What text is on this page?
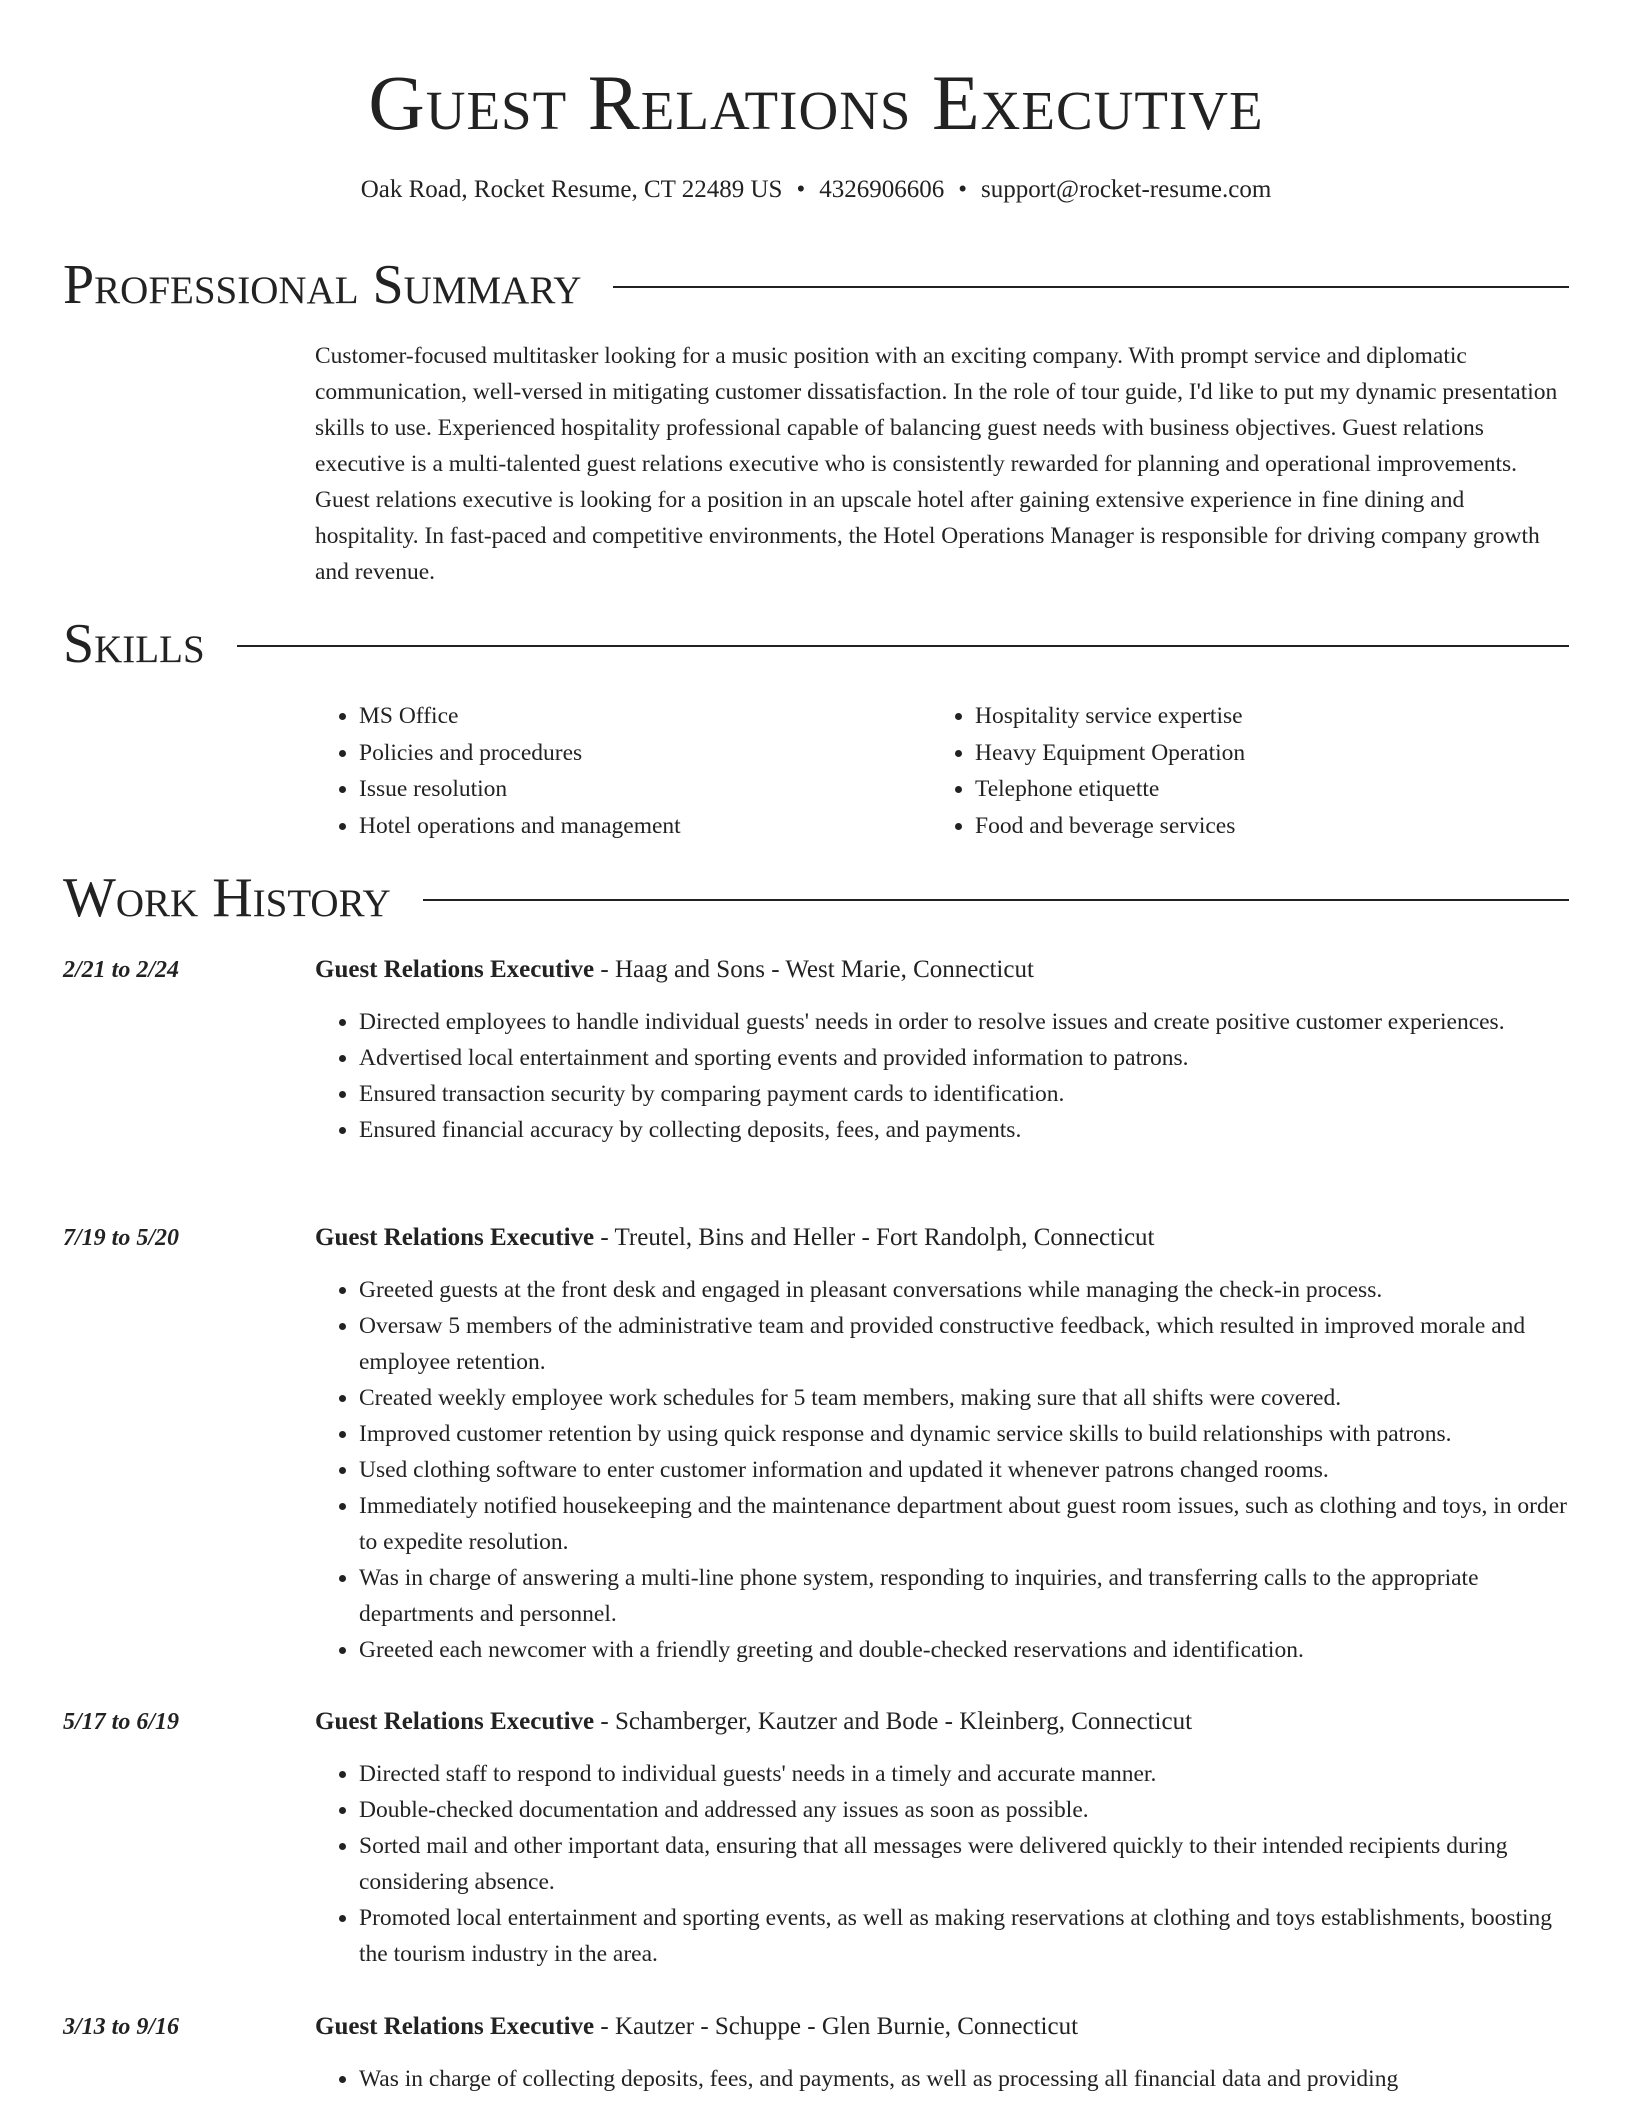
Guest Relations Executive
Oak Road, Rocket Resume, CT 22489 US • 4326906606 • support@rocket-resume.com
Professional Summary
Customer-focused multitasker looking for a music position with an exciting company. With prompt service and diplomatic communication, well-versed in mitigating customer dissatisfaction. In the role of tour guide, I'd like to put my dynamic presentation skills to use. Experienced hospitality professional capable of balancing guest needs with business objectives. Guest relations executive is a multi-talented guest relations executive who is consistently rewarded for planning and operational improvements. Guest relations executive is looking for a position in an upscale hotel after gaining extensive experience in fine dining and hospitality. In fast-paced and competitive environments, the Hotel Operations Manager is responsible for driving company growth and revenue.
Skills
• MS Office
• Policies and procedures
• Issue resolution
• Hotel operations and management
• Hospitality service expertise
• Heavy Equipment Operation
• Telephone etiquette
• Food and beverage services
Work History
2/21 to 2/24	Guest Relations Executive - Haag and Sons - West Marie, Connecticut
• Directed employees to handle individual guests' needs in order to resolve issues and create positive customer experiences.
• Advertised local entertainment and sporting events and provided information to patrons.
• Ensured transaction security by comparing payment cards to identification.
• Ensured financial accuracy by collecting deposits, fees, and payments.
7/19 to 5/20	Guest Relations Executive - Treutel, Bins and Heller - Fort Randolph, Connecticut
• Greeted guests at the front desk and engaged in pleasant conversations while managing the check-in process.
• Oversaw 5 members of the administrative team and provided constructive feedback, which resulted in improved morale and employee retention.
• Created weekly employee work schedules for 5 team members, making sure that all shifts were covered.
• Improved customer retention by using quick response and dynamic service skills to build relationships with patrons.
• Used clothing software to enter customer information and updated it whenever patrons changed rooms.
• Immediately notified housekeeping and the maintenance department about guest room issues, such as clothing and toys, in order to expedite resolution.
• Was in charge of answering a multi-line phone system, responding to inquiries, and transferring calls to the appropriate departments and personnel.
• Greeted each newcomer with a friendly greeting and double-checked reservations and identification.
5/17 to 6/19	Guest Relations Executive - Schamberger, Kautzer and Bode - Kleinberg, Connecticut
• Directed staff to respond to individual guests' needs in a timely and accurate manner.
• Double-checked documentation and addressed any issues as soon as possible.
• Sorted mail and other important data, ensuring that all messages were delivered quickly to their intended recipients during considering absence.
• Promoted local entertainment and sporting events, as well as making reservations at clothing and toys establishments, boosting the tourism industry in the area.
3/13 to 9/16	Guest Relations Executive - Kautzer - Schuppe - Glen Burnie, Connecticut
• Was in charge of collecting deposits, fees, and payments, as well as processing all financial data and providing
